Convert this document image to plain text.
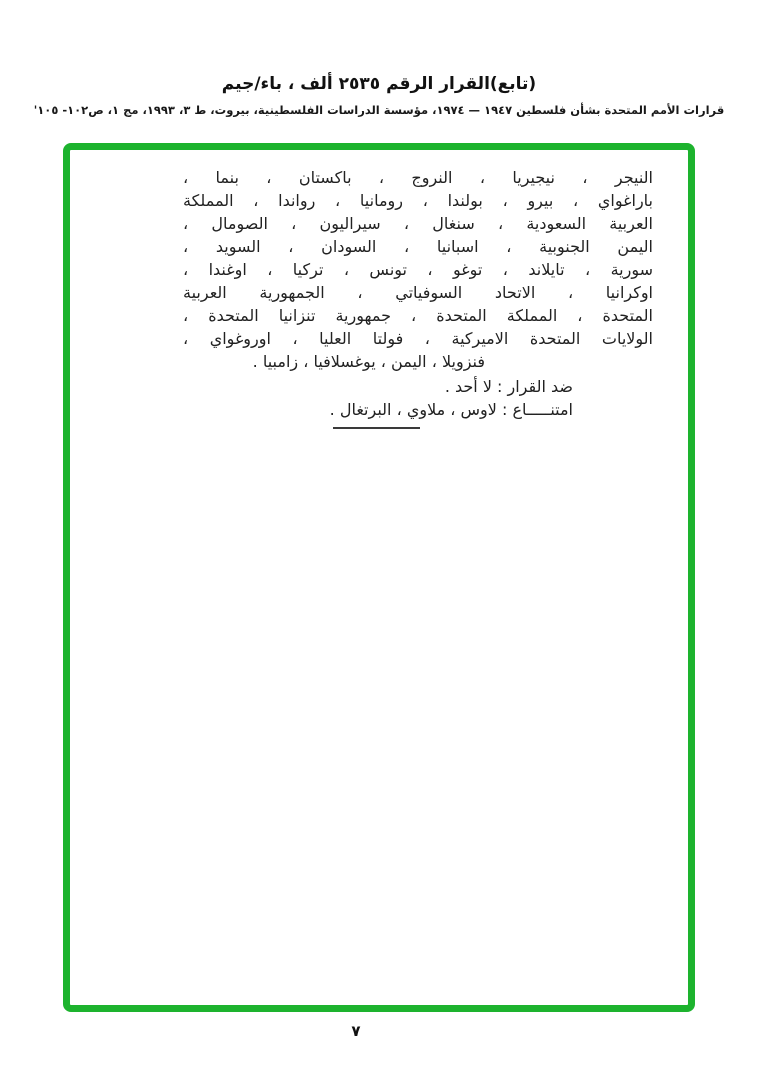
(تابع)القرار الرقم ٢٥٣٥ ألف ، باء/جيم
قرارات الأمم المتحدة بشأن فلسطين ١٩٤٧ — ١٩٧٤، مؤسسة الدراسات الفلسطينية، بيروت، ط ٣، ١٩٩٣، مج ١، ص١٠٢- ١٠٥'
النيجر ، نيجيريا ، النروج ، باكستان ، بنما ،
باراغواي ، بيرو ، بولندا ، رومانيا ، رواندا ، المملكة
العربية السعودية ، سنغال ، سيراليون ، الصومال ،
اليمن الجنوبية ، اسبانيا ، السودان ، السويد ،
سورية ، تايلاند ، توغو ، تونس ، تركيا ، اوغندا ،
اوكرانيا ، الاتحاد السوفياتي ، الجمهورية العربية
المتحدة ، المملكة المتحدة ، جمهورية تنزانيا المتحدة ،
الولايات المتحدة الاميركية ، فولتا العليا ، اوروغواي ،
فنزويلا ، اليمن ، يوغسلافيا ، زامبيا .
ضد القرار : لا أحد .
امتنـــــاع : لاوس ، ملاوي ، البرتغال .
٧
